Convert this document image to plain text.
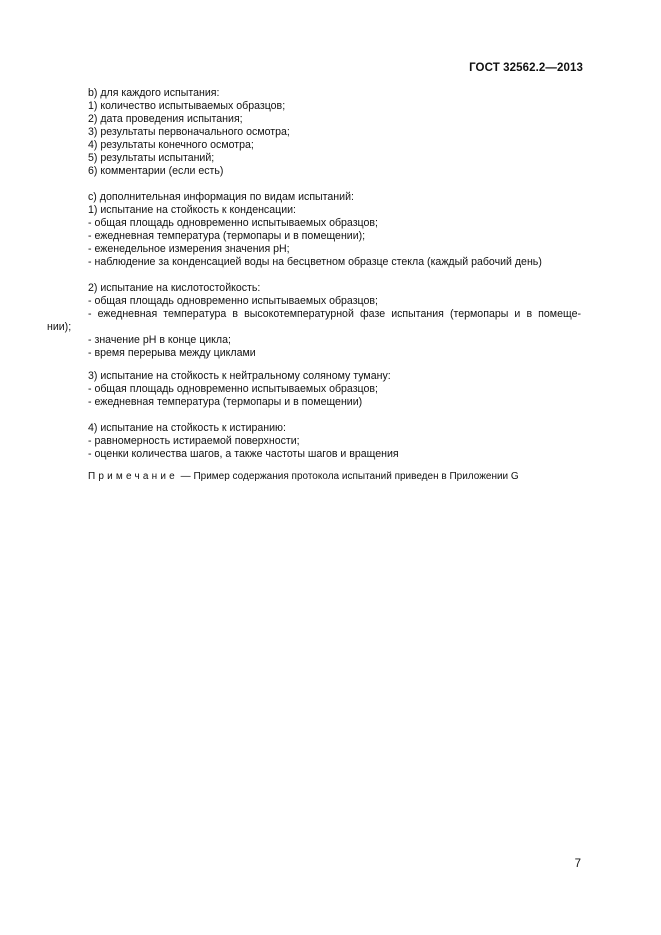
ГОСТ 32562.2—2013
b) для каждого испытания:
1) количество испытываемых образцов;
2) дата проведения испытания;
3) результаты первоначального осмотра;
4) результаты конечного осмотра;
5) результаты испытаний;
6) комментарии (если есть)
c) дополнительная информация по видам испытаний:
1) испытание на стойкость к конденсации:
- общая площадь одновременно испытываемых образцов;
- ежедневная температура (термопары и в помещении);
- еженедельное измерения значения pH;
- наблюдение за конденсацией воды на бесцветном образце стекла (каждый рабочий день)
2) испытание на кислотостойкость:
- общая площадь одновременно испытываемых образцов;
- ежедневная температура в высокотемпературной фазе испытания (термопары и в помеще-
нии);
- значение pH в конце цикла;
- время перерыва между циклами
3) испытание на стойкость к нейтральному соляному туману:
- общая площадь одновременно испытываемых образцов;
- ежедневная температура (термопары и в помещении)
4) испытание на стойкость к истиранию:
- равномерность истираемой поверхности;
- оценки количества шагов, а также частоты шагов и вращения
Примечание — Пример содержания протокола испытаний приведен в Приложении G
7
